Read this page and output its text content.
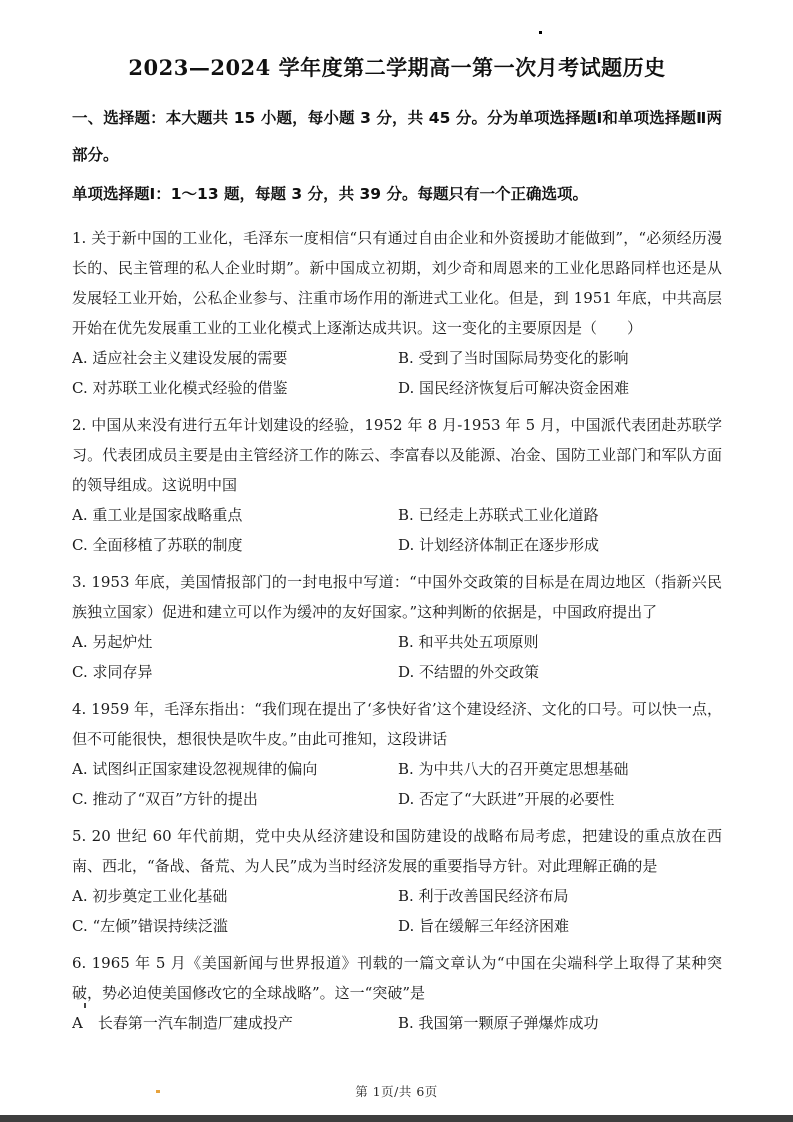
2023—2024 学年度第二学期高一第一次月考试题历史

一、选择题：本大题共 15 小题，每小题 3 分，共 45 分。分为单项选择题Ⅰ和单项选择题Ⅱ两部分。

单项选择题Ⅰ：1～13 题，每题 3 分，共 39 分。每题只有一个正确选项。

1. 关于新中国的工业化，毛泽东一度相信“只有通过自由企业和外资援助才能做到”，“必须经历漫长的、民主管理的私人企业时期”。新中国成立初期，刘少奇和周恩来的工业化思路同样也还是从发展轻工业开始，公私企业参与、注重市场作用的渐进式工业化。但是，到 1951 年底，中共高层开始在优先发展重工业的工业化模式上逐渐达成共识。这一变化的主要原因是（　　）

A. 适应社会主义建设发展的需要	B. 受到了当时国际局势变化的影响
C. 对苏联工业化模式经验的借鉴	D. 国民经济恢复后可解决资金困难

2. 中国从来没有进行五年计划建设的经验，1952 年 8 月-1953 年 5 月，中国派代表团赴苏联学习。代表团成员主要是由主管经济工作的陈云、李富春以及能源、冶金、国防工业部门和军队方面的领导组成。这说明中国

A. 重工业是国家战略重点	B. 已经走上苏联式工业化道路
C. 全面移植了苏联的制度	D. 计划经济体制正在逐步形成

3. 1953 年底，美国情报部门的一封电报中写道：“中国外交政策的目标是在周边地区（指新兴民族独立国家）促进和建立可以作为缓冲的友好国家。”这种判断的依据是，中国政府提出了

A. 另起炉灶	B. 和平共处五项原则
C. 求同存异	D. 不结盟的外交政策

4. 1959 年，毛泽东指出：“我们现在提出了‘多快好省’这个建设经济、文化的口号。可以快一点，但不可能很快，想很快是吹牛皮。”由此可推知，这段讲话

A. 试图纠正国家建设忽视规律的偏向	B. 为中共八大的召开奠定思想基础
C. 推动了“双百”方针的提出	D. 否定了“大跃进”开展的必要性

5. 20 世纪 60 年代前期，党中央从经济建设和国防建设的战略布局考虑，把建设的重点放在西南、西北，“备战、备荒、为人民”成为当时经济发展的重要指导方针。对此理解正确的是

A. 初步奠定工业化基础	B. 利于改善国民经济布局
C. “左倾”错误持续泛滥	D. 旨在缓解三年经济困难

6. 1965 年 5 月《美国新闻与世界报道》刊载的一篇文章认为“中国在尖端科学上取得了某种突破，势必迫使美国修改它的全球战略”。这一“突破”是

A　长春第一汽车制造厂建成投产	B. 我国第一颗原子弹爆炸成功
第 1页/共 6页
